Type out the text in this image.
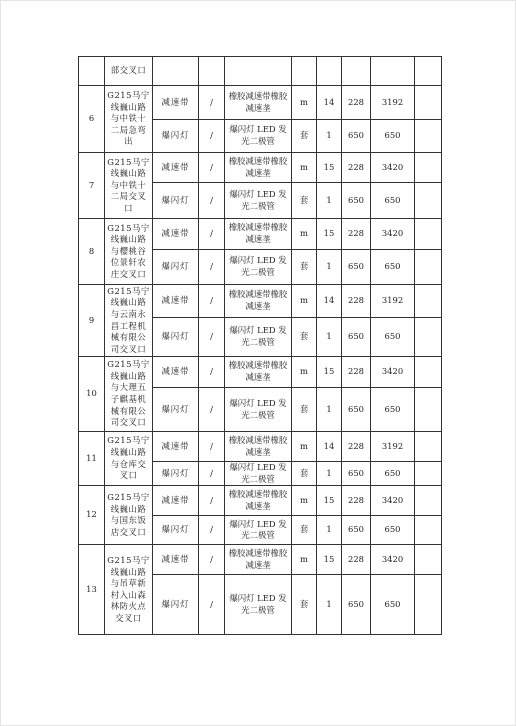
	部交叉口								
6	G215马宁线巍山路与中铁十二局急弯出	减速带	/	橡胶减速带橡胶减速垄	m	14	228	3192	
		爆闪灯	/	爆闪灯 LED 发光二极管	套	1	650	650	
7	G215马宁线巍山路与中铁十二局交叉口	减速带	/	橡胶减速带橡胶减速垄	m	15	228	3420	
		爆闪灯	/	爆闪灯 LED 发光二极管	套	1	650	650	
8	G215马宁线巍山路与樱桃谷位景轩农庄交叉口	减速带	/	橡胶减速带橡胶减速垄	m	15	228	3420	
		爆闪灯	/	爆闪灯 LED 发光二极管	套	1	650	650	
9	G215马宁线巍山路与云南永昌工程机械有限公司交叉口	减速带	/	橡胶减速带橡胶减速垄	m	14	228	3192	
		爆闪灯	/	爆闪灯 LED 发光二极管	套	1	650	650	
10	G215马宁线巍山路与大理五子麒基机械有限公司交叉口	减速带	/	橡胶减速带橡胶减速垄	m	15	228	3420	
		爆闪灯	/	爆闪灯 LED 发光二极管	套	1	650	650	
11	G215马宁线巍山路与仓库交叉口	减速带	/	橡胶减速带橡胶减速垄	m	14	228	3192	
		爆闪灯	/	爆闪灯 LED 发光二极管	套	1	650	650	
12	G215马宁线巍山路与国东饭店交叉口	减速带	/	橡胶减速带橡胶减速垄	m	15	228	3420	
		爆闪灯	/	爆闪灯 LED 发光二极管	套	1	650	650	
13	G215马宁线巍山路与吊草新村入山森林防火点交叉口	减速带	/	橡胶减速带橡胶减速垄	m	15	228	3420	
		爆闪灯	/	爆闪灯 LED 发光二极管	套	1	650	650	
